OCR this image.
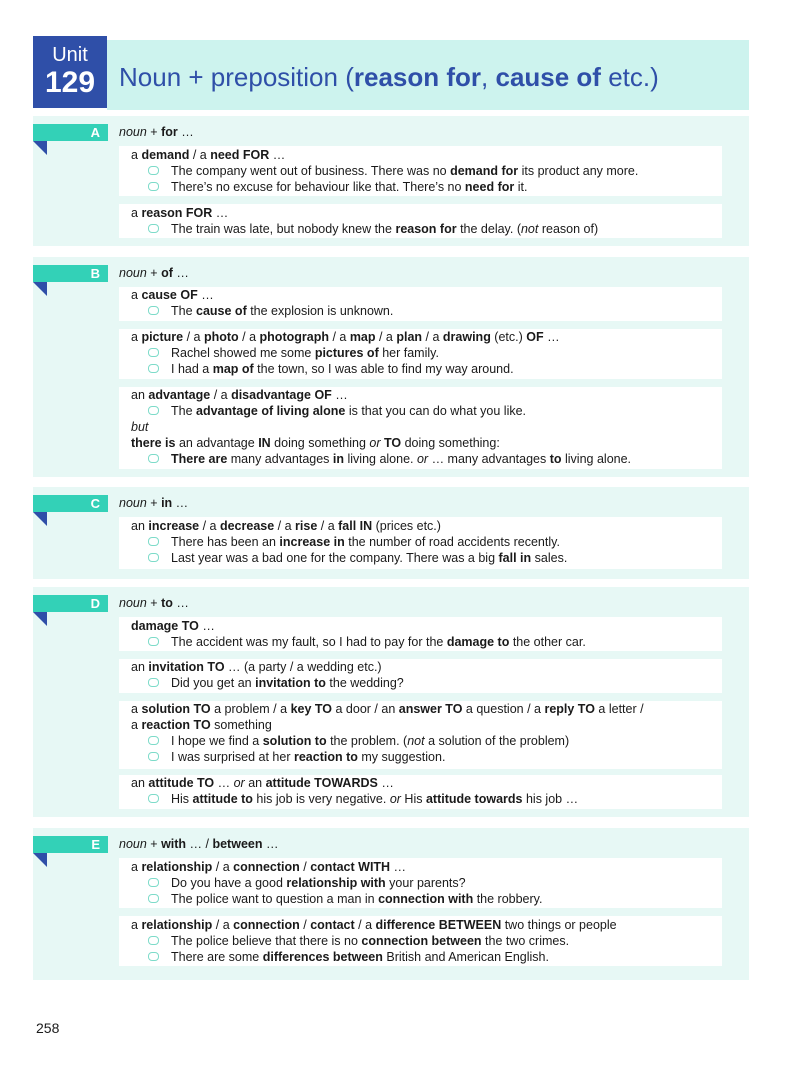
Unit
129 Noun + preposition (reason for, cause of etc.)
A	noun + for …
a demand / a need FOR …
The company went out of business. There was no demand for its product any more.
There’s no excuse for behaviour like that. There’s no need for it.
a reason FOR …
The train was late, but nobody knew the reason for the delay. (not reason of)
B	noun + of …
a cause OF …
The cause of the explosion is unknown.
a picture / a photo / a photograph / a map / a plan / a drawing (etc.) OF …
Rachel showed me some pictures of her family.
I had a map of the town, so I was able to find my way around.
an advantage / a disadvantage OF …
The advantage of living alone is that you can do what you like.
but
there is an advantage IN doing something or TO doing something:
There are many advantages in living alone. or … many advantages to living alone.
C	noun + in …
an increase / a decrease / a rise / a fall IN (prices etc.)
There has been an increase in the number of road accidents recently.
Last year was a bad one for the company. There was a big fall in sales.
D	noun + to …
damage TO …
The accident was my fault, so I had to pay for the damage to the other car.
an invitation TO … (a party / a wedding etc.)
Did you get an invitation to the wedding?
a solution TO a problem / a key TO a door / an answer TO a question / a reply TO a letter /
a reaction TO something
I hope we find a solution to the problem. (not a solution of the problem)
I was surprised at her reaction to my suggestion.
an attitude TO … or an attitude TOWARDS …
His attitude to his job is very negative. or His attitude towards his job …
E	noun + with … / between …
a relationship / a connection / contact WITH …
Do you have a good relationship with your parents?
The police want to question a man in connection with the robbery.
a relationship / a connection / contact / a difference BETWEEN two things or people
The police believe that there is no connection between the two crimes.
There are some differences between British and American English.
258
